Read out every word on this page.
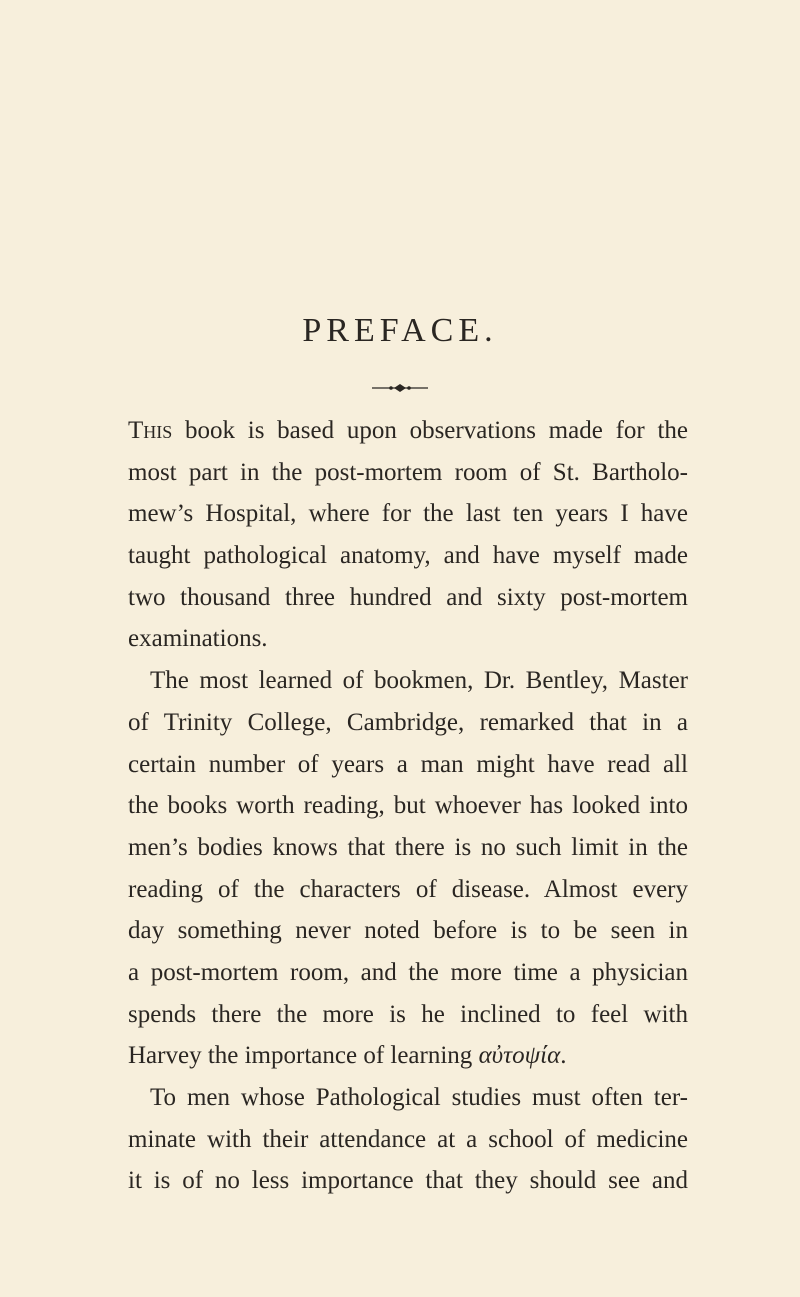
PREFACE.
This book is based upon observations made for the
most part in the post-mortem room of St. Bartholo-
mew’s Hospital, where for the last ten years I have
taught pathological anatomy, and have myself made
two thousand three hundred and sixty post-mortem
examinations.
The most learned of bookmen, Dr. Bentley, Master
of Trinity College, Cambridge, remarked that in a
certain number of years a man might have read all
the books worth reading, but whoever has looked into
men’s bodies knows that there is no such limit in the
reading of the characters of disease. Almost every
day something never noted before is to be seen in
a post-mortem room, and the more time a physician
spends there the more is he inclined to feel with
Harvey the importance of learning αὐτοψία.
To men whose Pathological studies must often ter-
minate with their attendance at a school of medicine
it is of no less importance that they should see and
